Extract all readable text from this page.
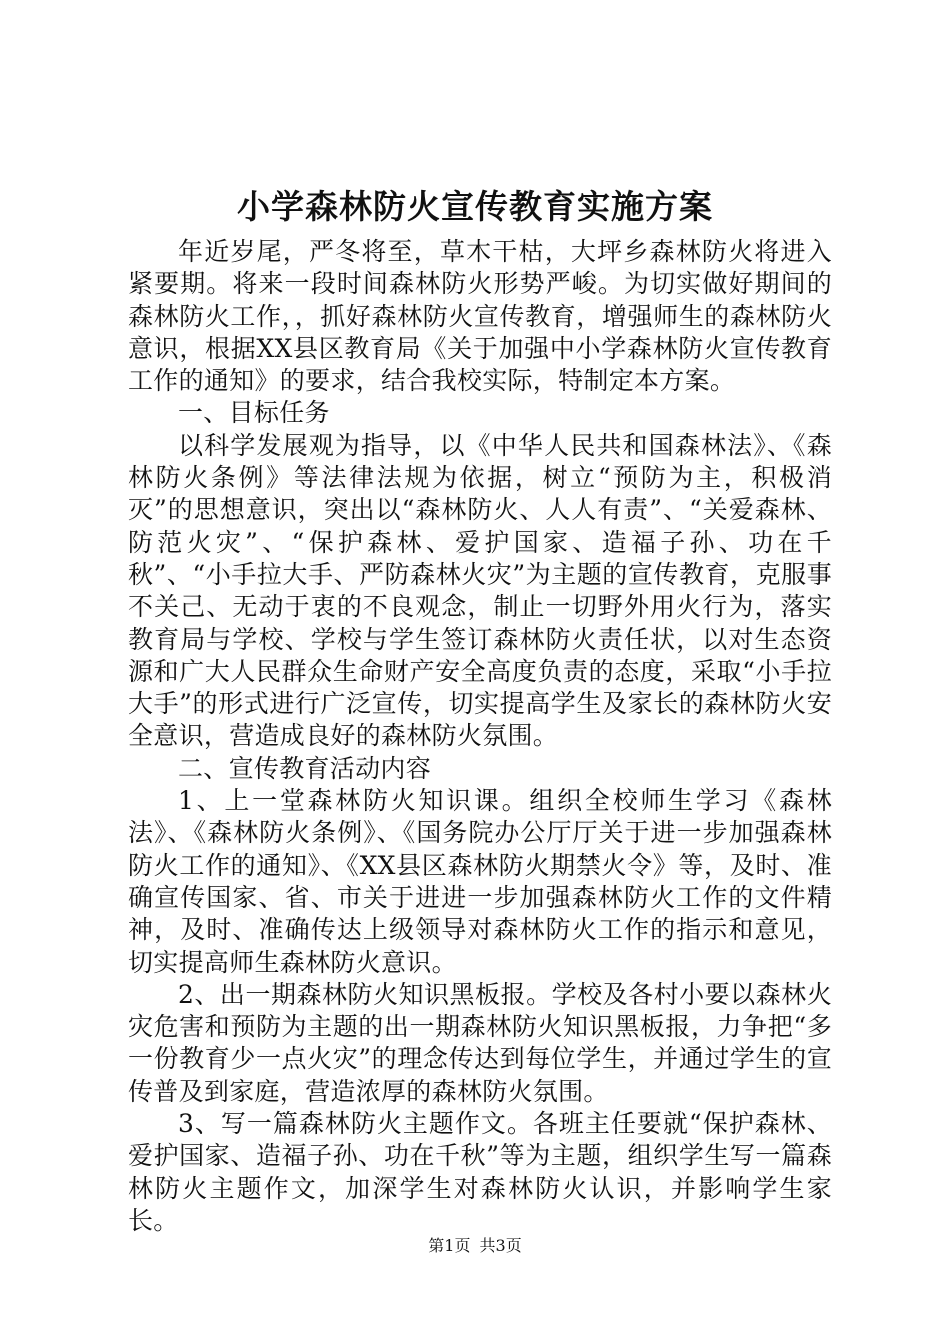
小学森林防火宣传教育实施方案

年近岁尾，严冬将至，草木干枯，大坪乡森林防火将进入紧要期。将来一段时间森林防火形势严峻。为切实做好期间的森林防火工作，，抓好森林防火宣传教育，增强师生的森林防火意识，根据XX县区教育局《关于加强中小学森林防火宣传教育工作的通知》的要求，结合我校实际，特制定本方案。

一、目标任务

以科学发展观为指导，以《中华人民共和国森林法》、《森林防火条例》等法律法规为依据，树立“预防为主，积极消灭”的思想意识，突出以“森林防火、人人有责”、“关爱森林、防范火灾”、“保护森林、爱护国家、造福子孙、功在千秋”、“小手拉大手、严防森林火灾”为主题的宣传教育，克服事不关己、无动于衷的不良观念，制止一切野外用火行为，落实教育局与学校、学校与学生签订森林防火责任状，以对生态资源和广大人民群众生命财产安全高度负责的态度，采取“小手拉大手”的形式进行广泛宣传，切实提高学生及家长的森林防火安全意识，营造成良好的森林防火氛围。

二、宣传教育活动内容

1、上一堂森林防火知识课。组织全校师生学习《森林法》、《森林防火条例》、《国务院办公厅厅关于进一步加强森林防火工作的通知》、《XX县区森林防火期禁火令》等，及时、准确宣传国家、省、市关于进进一步加强森林防火工作的文件精神，及时、准确传达上级领导对森林防火工作的指示和意见，切实提高师生森林防火意识。

2、出一期森林防火知识黑板报。学校及各村小要以森林火灾危害和预防为主题的出一期森林防火知识黑板报，力争把“多一份教育少一点火灾”的理念传达到每位学生，并通过学生的宣传普及到家庭，营造浓厚的森林防火氛围。

3、写一篇森林防火主题作文。各班主任要就“保护森林、爱护国家、造福子孙、功在千秋”等为主题，组织学生写一篇森林防火主题作文，加深学生对森林防火认识，并影响学生家长。

第1页 共3页
